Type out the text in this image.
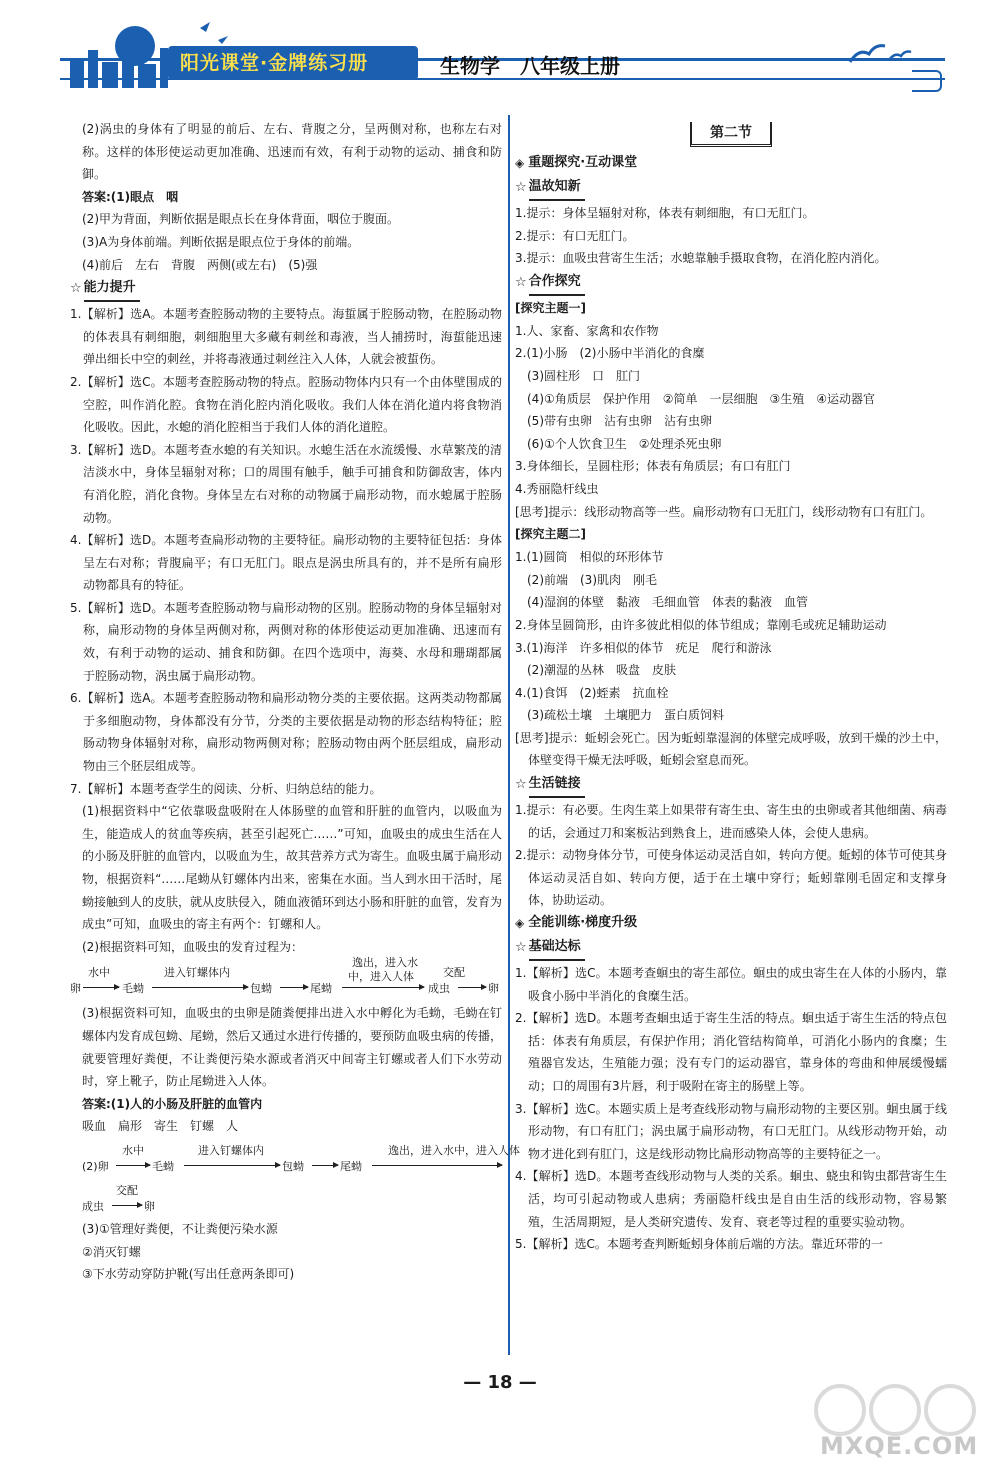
阳光课堂·金牌练习册	生物学　八年级上册
(2)涡虫的身体有了明显的前后、左右、背腹之分，呈两侧对称，也称左右对称。这样的体形使运动更加准确、迅速而有效，有利于动物的运动、捕食和防御。
答案:(1)眼点　咽
(2)甲为背面，判断依据是眼点长在身体背面，咽位于腹面。
(3)A为身体前端。判断依据是眼点位于身体的前端。
(4)前后　左右　背腹　两侧(或左右)　(5)强
☆ 能力提升
1.【解析】选A。本题考查腔肠动物的主要特点。海蜇属于腔肠动物，在腔肠动物的体表具有刺细胞，刺细胞里大多藏有刺丝和毒液，当人捕捞时，海蜇能迅速弹出细长中空的刺丝，并将毒液通过刺丝注入人体，人就会被蜇伤。
2.【解析】选C。本题考查腔肠动物的特点。腔肠动物体内只有一个由体壁围成的空腔，叫作消化腔。食物在消化腔内消化吸收。我们人体在消化道内将食物消化吸收。因此，水螅的消化腔相当于我们人体的消化道腔。
3.【解析】选D。本题考查水螅的有关知识。水螅生活在水流缓慢、水草繁茂的清洁淡水中，身体呈辐射对称；口的周围有触手，触手可捕食和防御敌害，体内有消化腔，消化食物。身体呈左右对称的动物属于扁形动物，而水螅属于腔肠动物。
4.【解析】选D。本题考查扁形动物的主要特征。扁形动物的主要特征包括：身体呈左右对称；背腹扁平；有口无肛门。眼点是涡虫所具有的，并不是所有扁形动物都具有的特征。
5.【解析】选D。本题考查腔肠动物与扁形动物的区别。腔肠动物的身体呈辐射对称，扁形动物的身体呈两侧对称，两侧对称的体形使运动更加准确、迅速而有效，有利于动物的运动、捕食和防御。在四个选项中，海葵、水母和珊瑚都属于腔肠动物，涡虫属于扁形动物。
6.【解析】选A。本题考查腔肠动物和扁形动物分类的主要依据。这两类动物都属于多细胞动物，身体都没有分节，分类的主要依据是动物的形态结构特征；腔肠动物身体辐射对称，扁形动物两侧对称；腔肠动物由两个胚层组成，扁形动物由三个胚层组成等。
7.【解析】本题考查学生的阅读、分析、归纳总结的能力。
(1)根据资料中“它依靠吸盘吸附在人体肠壁的血管和肝脏的血管内，以吸血为生，能造成人的贫血等疾病，甚至引起死亡……”可知，血吸虫的成虫生活在人的小肠及肝脏的血管内，以吸血为生，故其营养方式为寄生。血吸虫属于扁形动物，根据资料“……尾蚴从钉螺体内出来，密集在水面。当人到水田干活时，尾蚴接触到人的皮肤，就从皮肤侵入，随血液循环到达小肠和肝脏的血管，发育为成虫”可知，血吸虫的寄主有两个：钉螺和人。
(2)根据资料可知，血吸虫的发育过程为：
卵
水中
毛蚴
进入钉螺体内
包蚴	尾蚴
逸出，进入水
中，进入人体
成虫
交配
卵
(3)根据资料可知，血吸虫的虫卵是随粪便排出进入水中孵化为毛蚴，毛蚴在钉螺体内发育成包蚴、尾蚴，然后又通过水进行传播的，要预防血吸虫病的传播，就要管理好粪便，不让粪便污染水源或者消灭中间寄主钉螺或者人们下水劳动时，穿上靴子，防止尾蚴进入人体。
答案:(1)人的小肠及肝脏的血管内
吸血　扁形　寄生　钉螺　人
(2)卵
水中
毛蚴
进入钉螺体内
包蚴	尾蚴
逸出，进入水中，进入人体
成虫
交配
卵
(3)①管理好粪便，不让粪便污染水源
②消灭钉螺
③下水劳动穿防护靴(写出任意两条即可)
第二节
◈ 重题探究·互动课堂
☆ 温故知新
1.提示：身体呈辐射对称，体表有刺细胞，有口无肛门。
2.提示：有口无肛门。
3.提示：血吸虫营寄生生活；水螅靠触手摄取食物，在消化腔内消化。
☆ 合作探究
[探究主题一]
1.人、家畜、家禽和农作物
2.(1)小肠　(2)小肠中半消化的食糜
(3)圆柱形　口　肛门
(4)①角质层　保护作用　②简单　一层细胞　③生殖　④运动器官
(5)带有虫卵　沾有虫卵　沾有虫卵
(6)①个人饮食卫生　②处理杀死虫卵
3.身体细长，呈圆柱形；体表有角质层；有口有肛门
4.秀丽隐杆线虫
[思考]提示：线形动物高等一些。扁形动物有口无肛门，线形动物有口有肛门。
[探究主题二]
1.(1)圆筒　相似的环形体节
(2)前端　(3)肌肉　刚毛
(4)湿润的体壁　黏液　毛细血管　体表的黏液　血管
2.身体呈圆筒形，由许多彼此相似的体节组成；靠刚毛或疣足辅助运动
3.(1)海洋　许多相似的体节　疣足　爬行和游泳
(2)潮湿的丛林　吸盘　皮肤
4.(1)食饵　(2)蛭素　抗血栓
(3)疏松土壤　土壤肥力　蛋白质饲料
[思考]提示：蚯蚓会死亡。因为蚯蚓靠湿润的体壁完成呼吸，放到干燥的沙土中，体壁变得干燥无法呼吸，蚯蚓会窒息而死。
☆ 生活链接
1.提示：有必要。生肉生菜上如果带有寄生虫、寄生虫的虫卵或者其他细菌、病毒的话，会通过刀和案板沾到熟食上，进而感染人体，会使人患病。
2.提示：动物身体分节，可使身体运动灵活自如，转向方便。蚯蚓的体节可使其身体运动灵活自如、转向方便，适于在土壤中穿行；蚯蚓靠刚毛固定和支撑身体，协助运动。
◈ 全能训练·梯度升级
☆ 基础达标
1.【解析】选C。本题考查蛔虫的寄生部位。蛔虫的成虫寄生在人体的小肠内，靠吸食小肠中半消化的食糜生活。
2.【解析】选D。本题考查蛔虫适于寄生生活的特点。蛔虫适于寄生生活的特点包括：体表有角质层，有保护作用；消化管结构简单，可消化小肠内的食糜；生殖器官发达，生殖能力强；没有专门的运动器官，靠身体的弯曲和伸展缓慢蠕动；口的周围有3片唇，利于吸附在寄主的肠壁上等。
3.【解析】选C。本题实质上是考查线形动物与扁形动物的主要区别。蛔虫属于线形动物，有口有肛门；涡虫属于扁形动物，有口无肛门。从线形动物开始，动物才进化到有肛门，这是线形动物比扁形动物高等的主要特征之一。
4.【解析】选D。本题考查线形动物与人类的关系。蛔虫、蛲虫和钩虫都营寄生生活，均可引起动物或人患病；秀丽隐杆线虫是自由生活的线形动物，容易繁殖，生活周期短，是人类研究遗传、发育、衰老等过程的重要实验动物。
5.【解析】选C。本题考查判断蚯蚓身体前后端的方法。靠近环带的一
— 18 —
MXQE.COM
